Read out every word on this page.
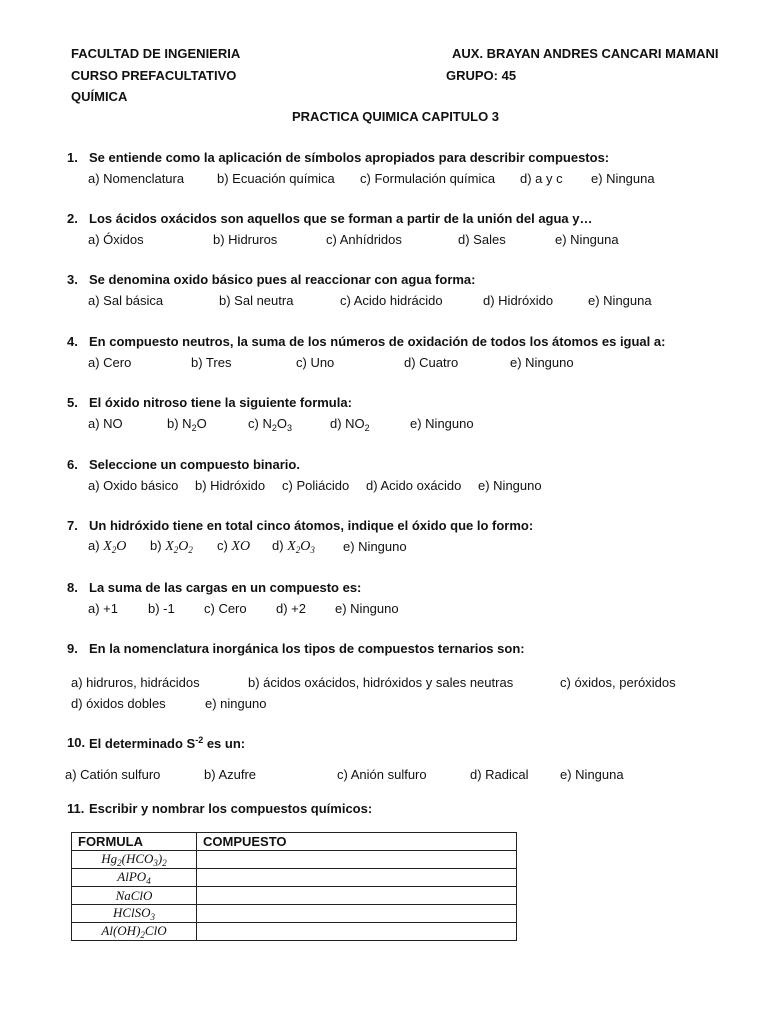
FACULTAD DE INGENIERIA
CURSO PREFACULTATIVO
QUÍMICA
AUX. BRAYAN ANDRES CANCARI MAMANI
GRUPO: 45
PRACTICA QUIMICA CAPITULO 3
1. Se entiende como la aplicación de símbolos apropiados para describir compuestos:
a) Nomenclatura	b) Ecuación química c) Formulación química d) a y c e) Ninguna
2. Los ácidos oxácidos son aquellos que se forman a partir de la unión del agua y…
a) Óxidos	b) Hidruros	c) Anhídridos	d) Sales	e) Ninguna
3. Se denomina oxido básico pues al reaccionar con agua forma:
a) Sal básica	b) Sal neutra	c) Acido hidrácido	d) Hidróxido	e) Ninguna
4. En compuesto neutros, la suma de los números de oxidación de todos los átomos es igual a:
a) Cero	b) Tres	c) Uno	d) Cuatro	e) Ninguno
5. El óxido nitroso tiene la siguiente formula:
a) NO	b) $N_2O$	c) $N_2O_3$	d) $NO_2$	e) Ninguno
6. Seleccione un compuesto binario.
a) Oxido básico b) Hidróxido c) Poliácido d) Acido oxácido e) Ninguno
7. Un hidróxido tiene en total cinco átomos, indique el óxido que lo formo:
a) $X_2O$ b) $X_2O_2$ c) XO d) $X_2O_3$ e) Ninguno
8. La suma de las cargas en un compuesto es:
a) +1 b) -1 c) Cero d) +2 e) Ninguno
9. En la nomenclatura inorgánica los tipos de compuestos ternarios son:
a) hidruros, hidrácidos	b) ácidos oxácidos, hidróxidos y sales neutras	c) óxidos, peróxidos
d) óxidos dobles	e) ninguno
10. El determinado $S^{-2}$ es un:
a) Catión sulfuro	b) Azufre	c) Anión sulfuro	d) Radical e) Ninguna
11. Escribir y nombrar los compuestos químicos:
FORMULA	COMPUESTO
$Hg_2(HCO_3)_2$	
AlPO$_4$	
NaClO	
HClSO$_3$	
$Al(OH)_2ClO$	
